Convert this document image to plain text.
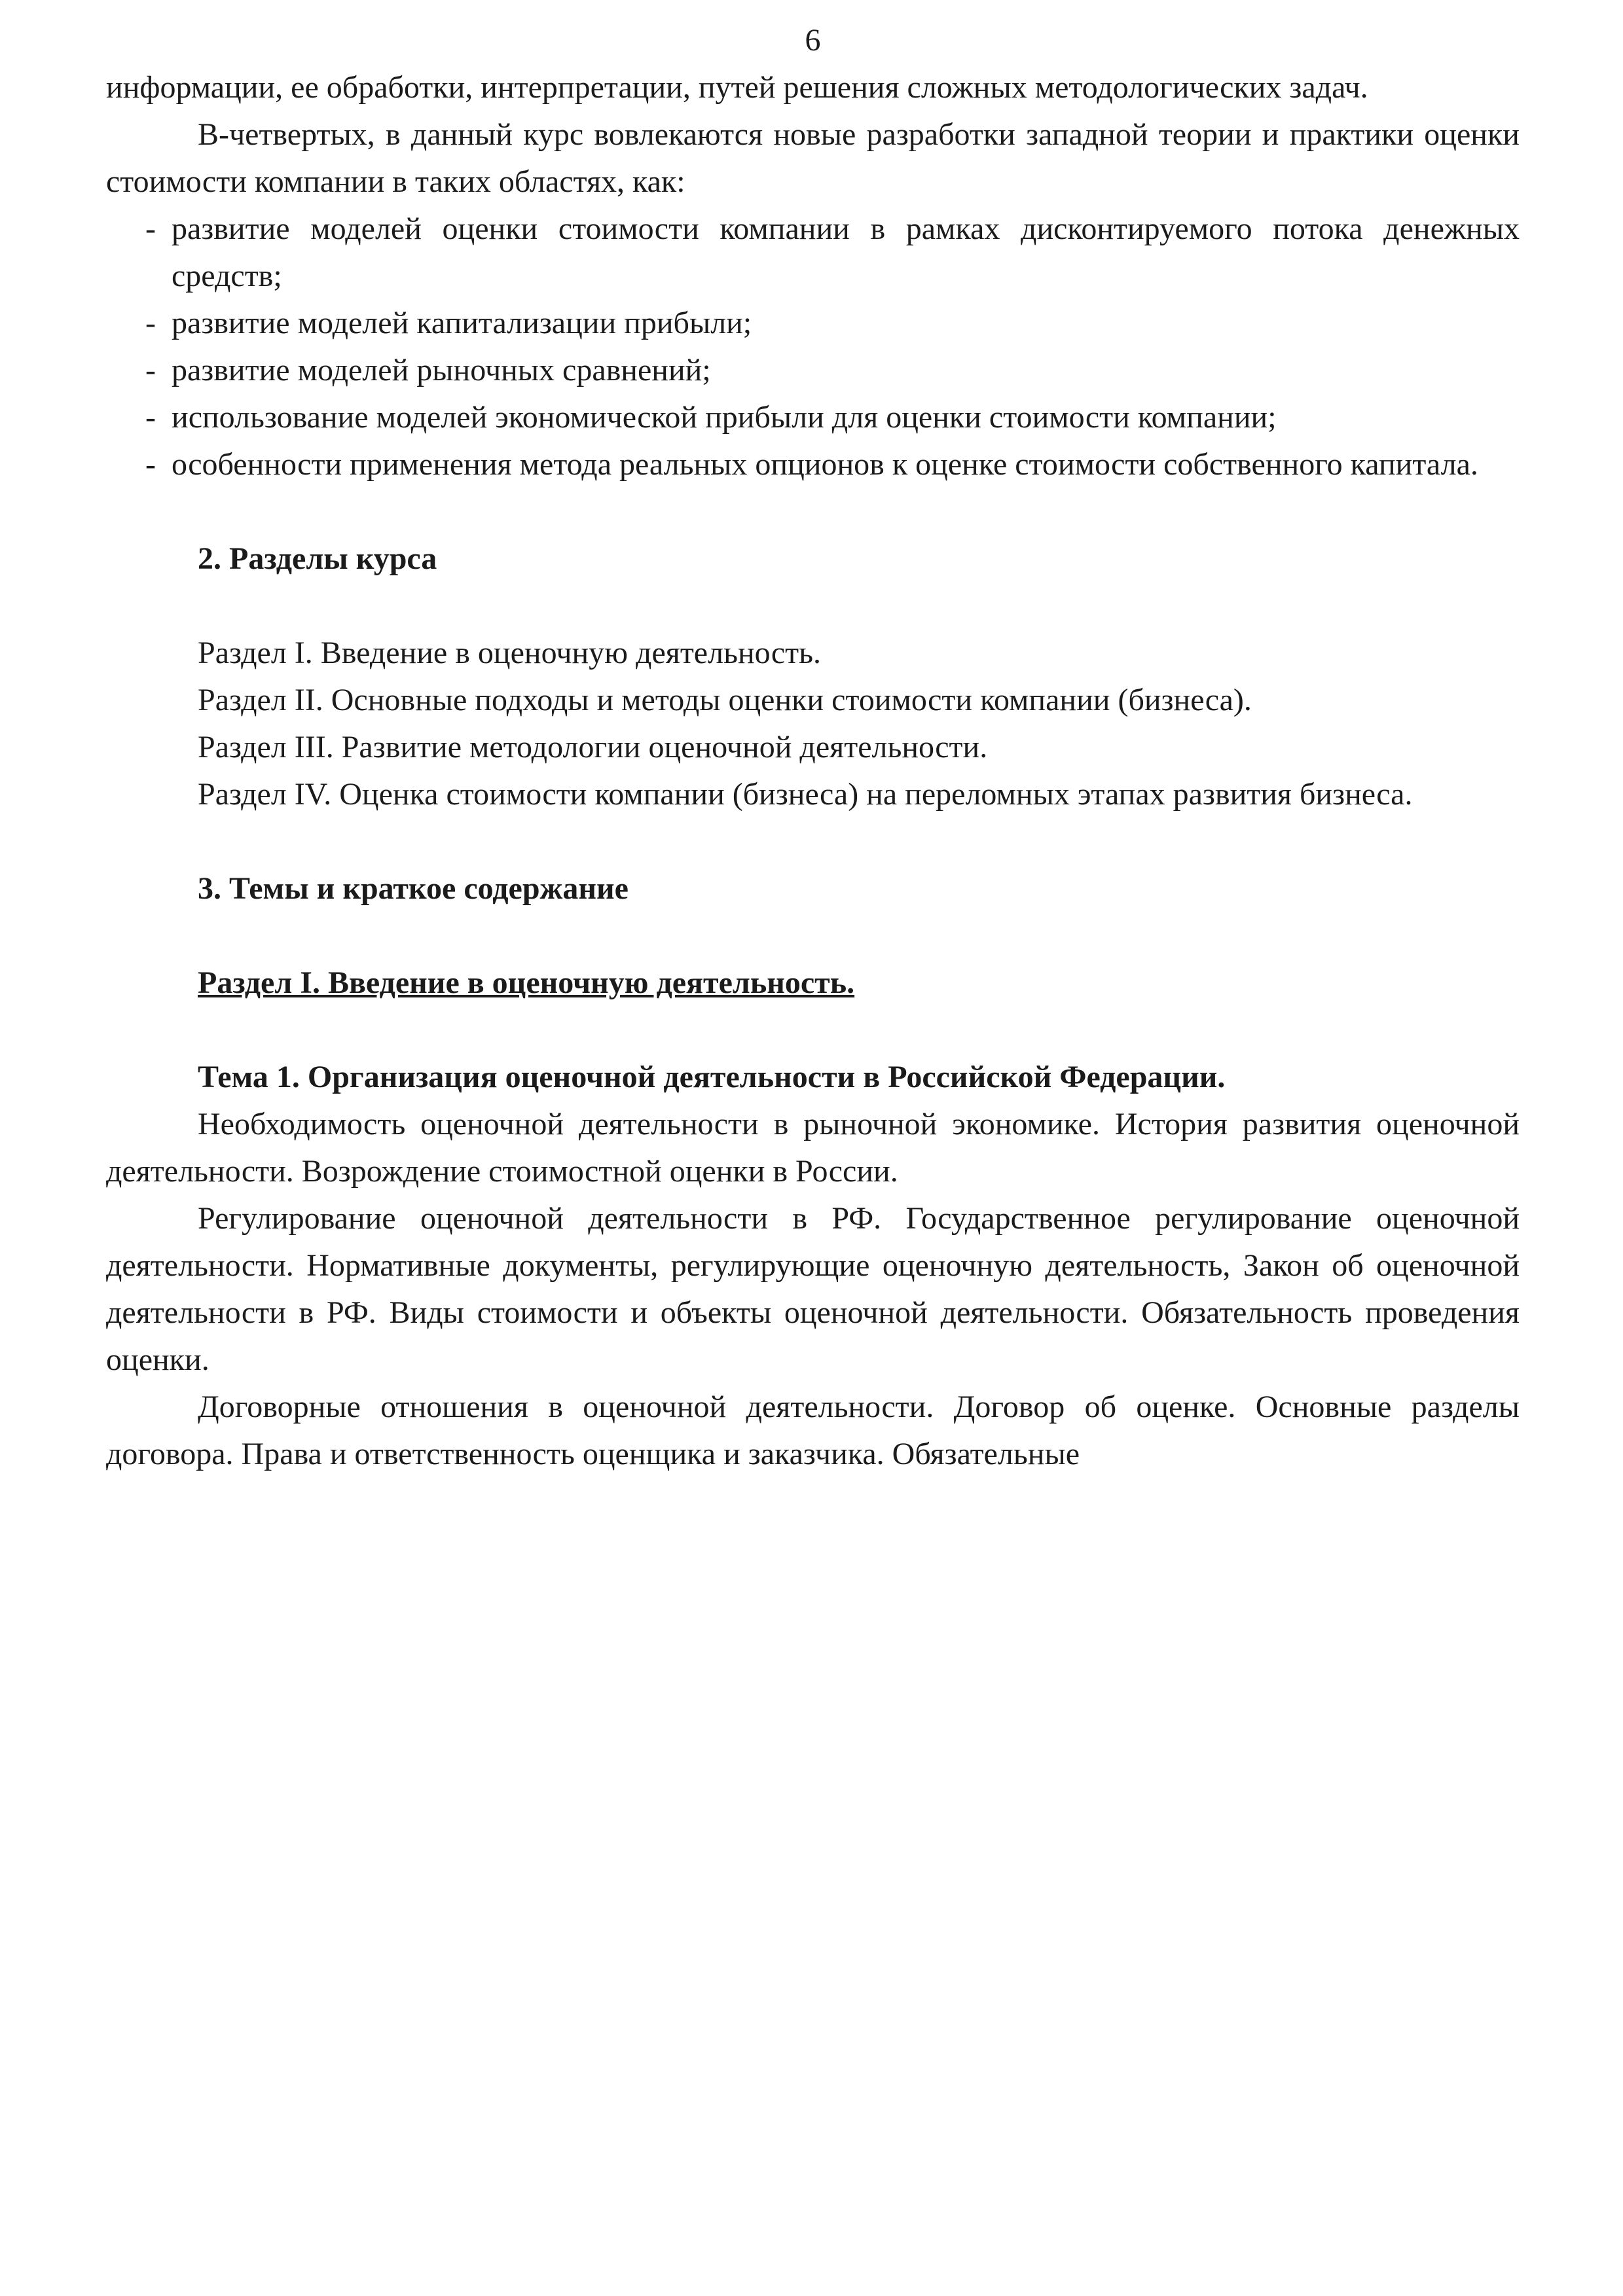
6

информации, ее обработки, интерпретации, путей решения сложных методологических задач.

В-четвертых, в данный курс вовлекаются новые разработки западной теории и практики оценки стоимости компании в таких областях, как:

- развитие моделей оценки стоимости компании в рамках дисконтируемого потока денежных средств;
- развитие моделей капитализации прибыли;
- развитие моделей рыночных сравнений;
- использование моделей экономической прибыли для оценки стоимости компании;
- особенности применения метода реальных опционов к оценке стоимости собственного капитала.

2. Разделы курса

Раздел I. Введение в оценочную деятельность.

Раздел II. Основные подходы и методы оценки стоимости компании (бизнеса).

Раздел III. Развитие методологии оценочной деятельности.

Раздел IV. Оценка стоимости компании (бизнеса) на переломных этапах развития бизнеса.

3. Темы и краткое содержание

Раздел I. Введение в оценочную деятельность.

Тема 1. Организация оценочной деятельности в Российской Федерации.

Необходимость оценочной деятельности в рыночной экономике. История развития оценочной деятельности. Возрождение стоимостной оценки в России.

Регулирование оценочной деятельности в РФ. Государственное регулирование оценочной деятельности. Нормативные документы, регулирующие оценочную деятельность, Закон об оценочной деятельности в РФ. Виды стоимости и объекты оценочной деятельности. Обязательность проведения оценки.

Договорные отношения в оценочной деятельности. Договор об оценке. Основные разделы договора. Права и ответственность оценщика и заказчика. Обязательные
